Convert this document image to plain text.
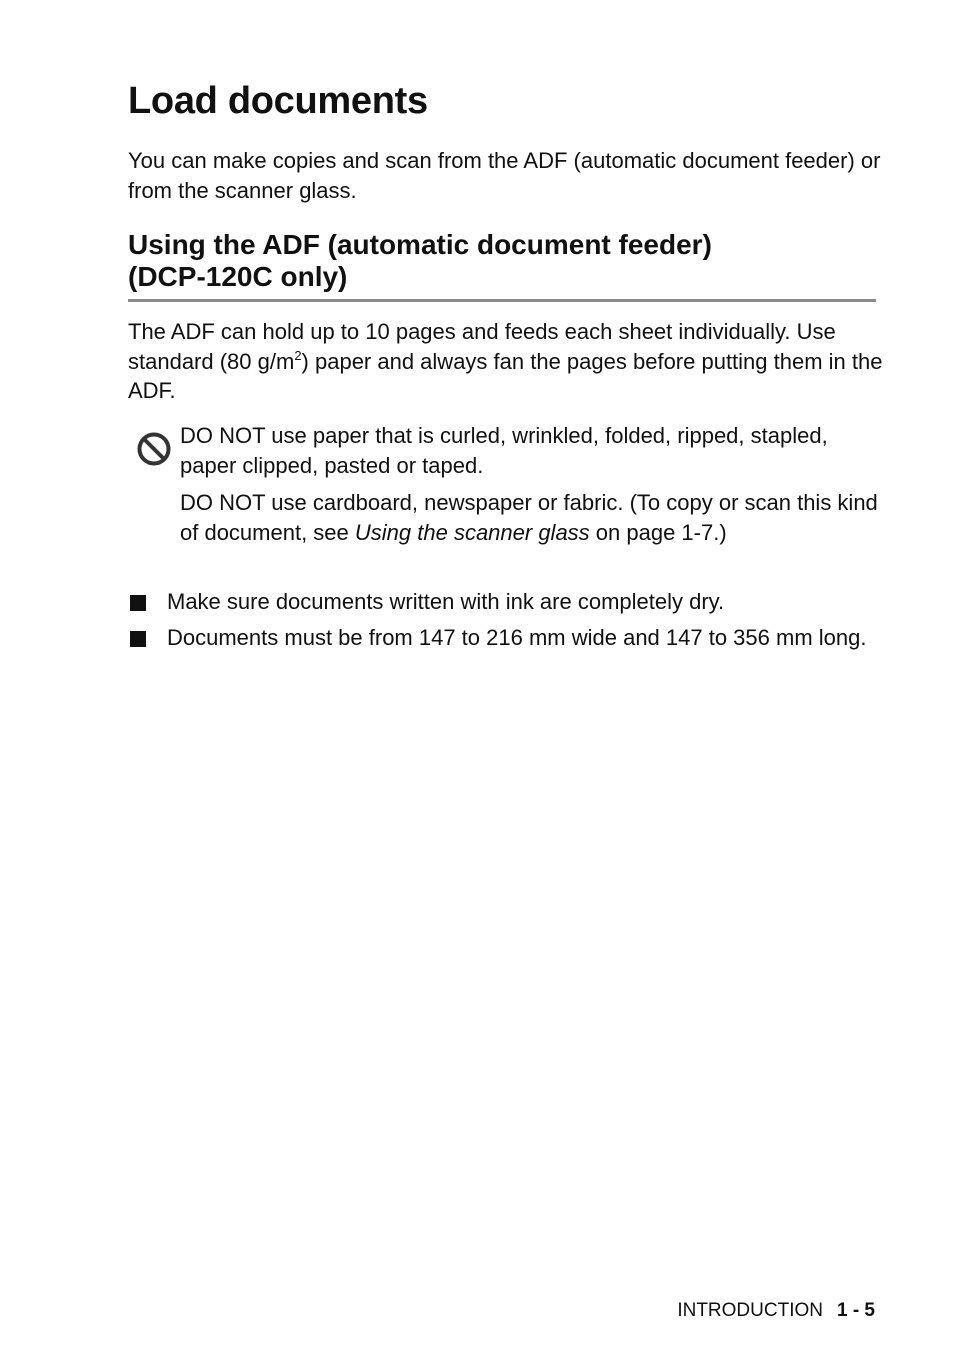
Load documents

You can make copies and scan from the ADF (automatic document feeder) or from the scanner glass.

Using the ADF (automatic document feeder)
(DCP-120C only)

The ADF can hold up to 10 pages and feeds each sheet individually. Use standard (80 $g/m^2$) paper and always fan the pages before putting them in the ADF.

DO NOT use paper that is curled, wrinkled, folded, ripped, stapled, paper clipped, pasted or taped.

DO NOT use cardboard, newspaper or fabric. (To copy or scan this kind of document, see Using the scanner glass on page 1-7.)

Make sure documents written with ink are completely dry.
Documents must be from 147 to 216 mm wide and 147 to 356 mm long.
INTRODUCTION 1 - 5
